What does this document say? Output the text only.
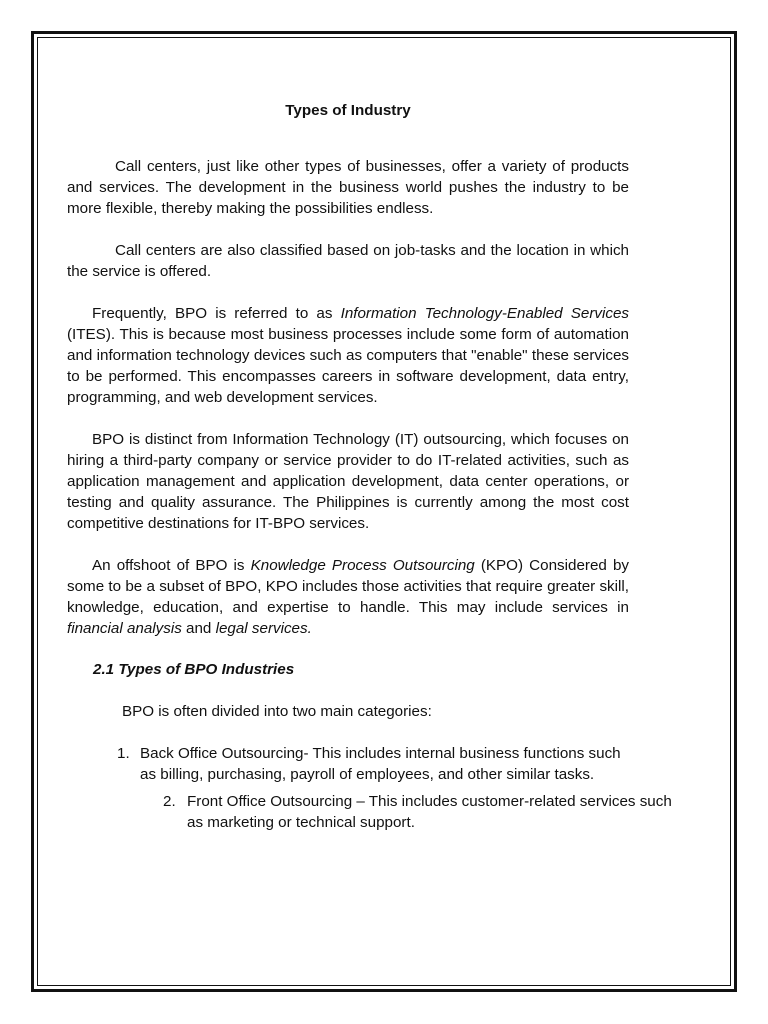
Types of Industry

Call centers, just like other types of businesses, offer a variety of products and services. The development in the business world pushes the industry to be more flexible, thereby making the possibilities endless.

Call centers are also classified based on job-tasks and the location in which the service is offered.

Frequently, BPO is referred to as Information Technology-Enabled Services (ITES). This is because most business processes include some form of automation and information technology devices such as computers that "enable" these services to be performed. This encompasses careers in software development, data entry, programming, and web development services.

BPO is distinct from Information Technology (IT) outsourcing, which focuses on hiring a third-party company or service provider to do IT-related activities, such as application management and application development, data center operations, or testing and quality assurance. The Philippines is currently among the most cost competitive destinations for IT-BPO services.

An offshoot of BPO is Knowledge Process Outsourcing (KPO) Considered by some to be a subset of BPO, KPO includes those activities that require greater skill, knowledge, education, and expertise to handle. This may include services in financial analysis and legal services.

2.1 Types of BPO Industries
BPO is often divided into two main categories:
1. Back Office Outsourcing- This includes internal business functions such as billing, purchasing, payroll of employees, and other similar tasks.
2. Front Office Outsourcing – This includes customer-related services such as marketing or technical support.
